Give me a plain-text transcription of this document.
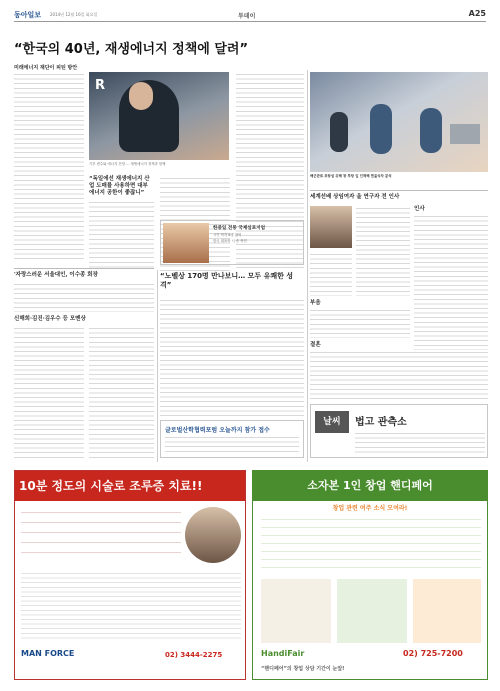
동아일보 2014년 12월 16일 화요일	투데이	A25
“한국의 40년, 재생에너지 정책에 달려”
미래에너지 재단이 피틴 방안
R
기후 변수와 에너지 전망 … 재생에너지 정책과 함께
“독일에선 재생에너지 산업 도매를 사용하면 대부 에너지 공한이 좋잖니”
한중일 전통 국제심포지엄
시인·학자 6명 참여
한국 대표작 시·송 축전
'자랑스러운 서울대인, 이수종 회장
신해희·김진·김우수 등 모멘상
“노벨상 170명 만나보니… 모두 유쾌한 성격”
글로벌산학협력포럼 오늘까지 참가 접수
해군관료 포항섬 위해 창 투항 입 인제해 엔을식차 분석
세계선배 상임여자 올 연구자 전 인사
인사
부음
결혼
날씨	법고 관측소
10분 정도의 시술로 조루증 치료!!
MAN FORCE	02) 3444-2275
소자본 1인 창업 핸디페어
창업 관련 여주 소식 모여라!
HandiFair	02) 725-7200
“핸디페어”의 창업 상담 기간이 눈앞!
